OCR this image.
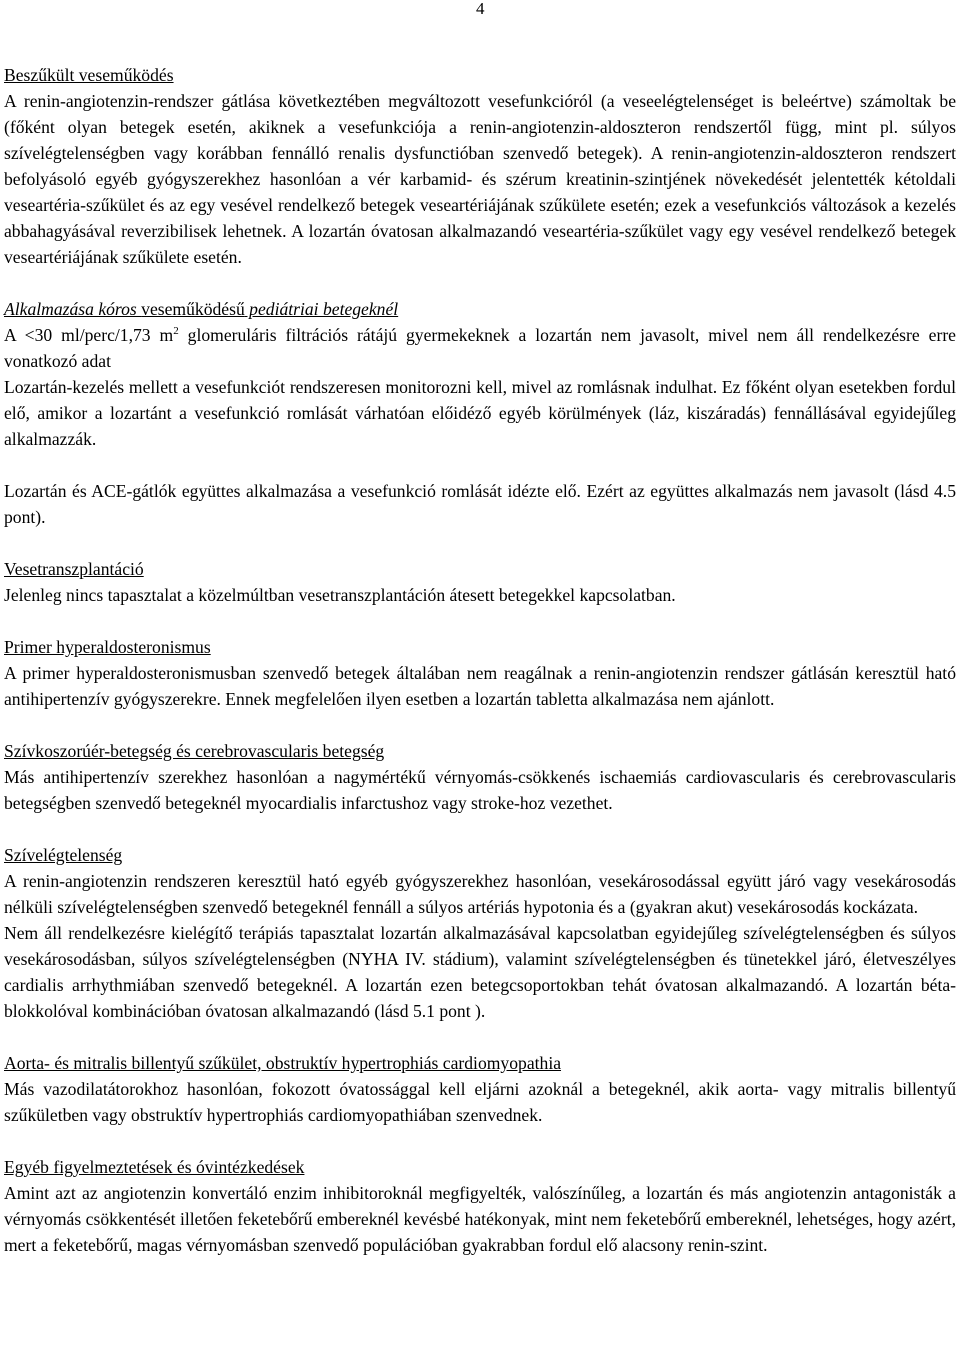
4
Beszűkült veseműködés

A renin-angiotenzin-rendszer gátlása következtében megváltozott vesefunkcióról (a veseelégtelenséget is beleértve) számoltak be (főként olyan betegek esetén, akiknek a vesefunkciója a renin-angiotenzin-aldoszteron rendszertől függ, mint pl. súlyos szívelégtelenségben vagy korábban fennálló renalis dysfunctióban szenvedő betegek). A renin-angiotenzin-aldoszteron rendszert befolyásoló egyéb gyógyszerekhez hasonlóan a vér karbamid- és szérum kreatinin-szintjének növekedését jelentették kétoldali veseartéria-szűkület és az egy vesével rendelkező betegek veseartériájának szűkülete esetén; ezek a vesefunkciós változások a kezelés abbahagyásával reverzibilisek lehetnek. A lozartán óvatosan alkalmazandó veseartéria-szűkület vagy egy vesével rendelkező betegek veseartériájának szűkülete esetén.

Alkalmazása kóros veseműködésű pediátriai betegeknél

A <30 ml/perc/1,73 $m^2$ glomeruláris filtrációs rátájú gyermekeknek a lozartán nem javasolt, mivel nem áll rendelkezésre erre vonatkozó adat

Lozartán-kezelés mellett a vesefunkciót rendszeresen monitorozni kell, mivel az romlásnak indulhat. Ez főként olyan esetekben fordul elő, amikor a lozartánt a vesefunkció romlását várhatóan előidéző egyéb körülmények (láz, kiszáradás) fennállásával egyidejűleg alkalmazzák.

Lozartán és ACE-gátlók együttes alkalmazása a vesefunkció romlását idézte elő. Ezért az együttes alkalmazás nem javasolt (lásd 4.5 pont).

Vesetranszplantáció

Jelenleg nincs tapasztalat a közelmúltban vesetranszplantáción átesett betegekkel kapcsolatban.

Primer hyperaldosteronismus

A primer hyperaldosteronismusban szenvedő betegek általában nem reagálnak a renin-angiotenzin rendszer gátlásán keresztül ható antihipertenzív gyógyszerekre. Ennek megfelelően ilyen esetben a lozartán tabletta alkalmazása nem ajánlott.

Szívkoszorúér-betegség és cerebrovascularis betegség

Más antihipertenzív szerekhez hasonlóan a nagymértékű vérnyomás-csökkenés ischaemiás cardiovascularis és cerebrovascularis betegségben szenvedő betegeknél myocardialis infarctushoz vagy stroke-hoz vezethet.

Szívelégtelenség

A renin-angiotenzin rendszeren keresztül ható egyéb gyógyszerekhez hasonlóan, vesekárosodással együtt járó vagy vesekárosodás nélküli szívelégtelenségben szenvedő betegeknél fennáll a súlyos artériás hypotonia és a (gyakran akut) vesekárosodás kockázata.

Nem áll rendelkezésre kielégítő terápiás tapasztalat lozartán alkalmazásával kapcsolatban egyidejűleg szívelégtelenségben és súlyos vesekárosodásban, súlyos szívelégtelenségben (NYHA IV. stádium), valamint szívelégtelenségben és tünetekkel járó, életveszélyes cardialis arrhythmiában szenvedő betegeknél. A lozartán ezen betegcsoportokban tehát óvatosan alkalmazandó. A lozartán béta-blokkolóval kombinációban óvatosan alkalmazandó (lásd 5.1 pont ).

Aorta- és mitralis billentyű szűkület, obstruktív hypertrophiás cardiomyopathia

Más vazodilatátorokhoz hasonlóan, fokozott óvatossággal kell eljárni azoknál a betegeknél, akik aorta- vagy mitralis billentyű szűkületben vagy obstruktív hypertrophiás cardiomyopathiában szenvednek.

Egyéb figyelmeztetések és óvintézkedések

Amint azt az angiotenzin konvertáló enzim inhibitoroknál megfigyelték, valószínűleg, a lozartán és más angiotenzin antagonisták a vérnyomás csökkentését illetően feketebőrű embereknél kevésbé hatékonyak, mint nem feketebőrű embereknél, lehetséges, hogy azért, mert a feketebőrű, magas vérnyomásban szenvedő populációban gyakrabban fordul elő alacsony renin-szint.
